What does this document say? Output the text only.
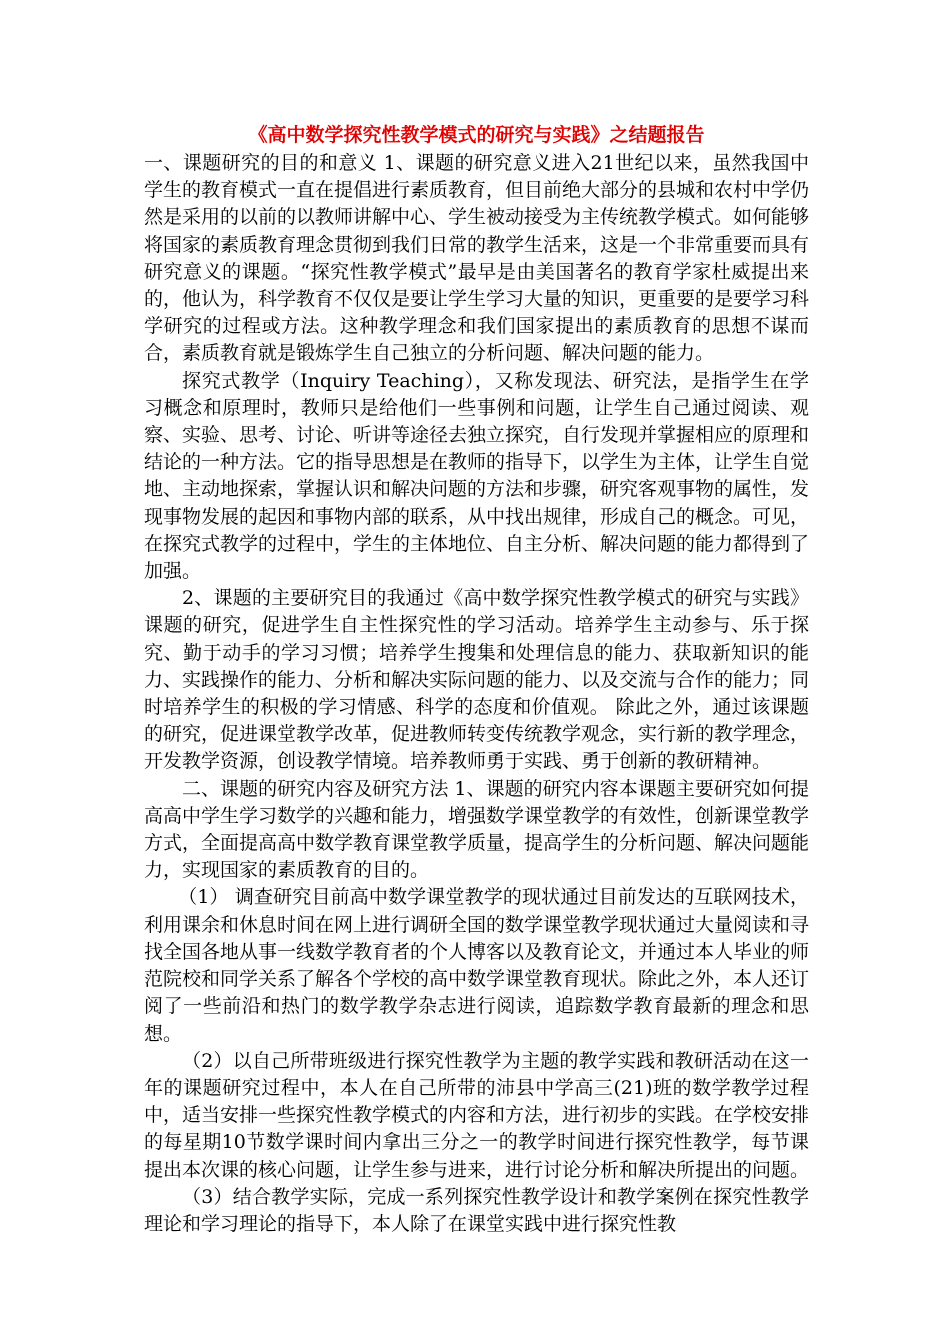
《高中数学探究性教学模式的研究与实践》之结题报告

一、课题研究的目的和意义 1、课题的研究意义进入21世纪以来，虽然我国中学生的教育模式一直在提倡进行素质教育，但目前绝大部分的县城和农村中学仍然是采用的以前的以教师讲解中心、学生被动接受为主传统教学模式。如何能够将国家的素质教育理念贯彻到我们日常的教学生活来，这是一个非常重要而具有研究意义的课题。“探究性教学模式”最早是由美国著名的教育学家杜威提出来的，他认为，科学教育不仅仅是要让学生学习大量的知识，更重要的是要学习科学研究的过程或方法。这种教学理念和我们国家提出的素质教育的思想不谋而合，素质教育就是锻炼学生自己独立的分析问题、解决问题的能力。

探究式教学（Inquiry Teaching），又称发现法、研究法，是指学生在学习概念和原理时，教师只是给他们一些事例和问题，让学生自己通过阅读、观察、实验、思考、讨论、听讲等途径去独立探究，自行发现并掌握相应的原理和结论的一种方法。它的指导思想是在教师的指导下，以学生为主体，让学生自觉地、主动地探索，掌握认识和解决问题的方法和步骤，研究客观事物的属性，发现事物发展的起因和事物内部的联系，从中找出规律，形成自己的概念。可见，在探究式教学的过程中，学生的主体地位、自主分析、解决问题的能力都得到了加强。

2、课题的主要研究目的我通过《高中数学探究性教学模式的研究与实践》课题的研究，促进学生自主性探究性的学习活动。培养学生主动参与、乐于探究、勤于动手的学习习惯；培养学生搜集和处理信息的能力、获取新知识的能力、实践操作的能力、分析和解决实际问题的能力、以及交流与合作的能力；同时培养学生的积极的学习情感、科学的态度和价值观。 除此之外，通过该课题的研究，促进课堂教学改革，促进教师转变传统教学观念，实行新的教学理念，开发教学资源，创设教学情境。培养教师勇于实践、勇于创新的教研精神。

二、课题的研究内容及研究方法 1、课题的研究内容本课题主要研究如何提高高中学生学习数学的兴趣和能力，增强数学课堂教学的有效性，创新课堂教学方式，全面提高高中数学教育课堂教学质量，提高学生的分析问题、解决问题能力，实现国家的素质教育的目的。

（1） 调查研究目前高中数学课堂教学的现状通过目前发达的互联网技术，利用课余和休息时间在网上进行调研全国的数学课堂教学现状通过大量阅读和寻找全国各地从事一线数学教育者的个人博客以及教育论文，并通过本人毕业的师范院校和同学关系了解各个学校的高中数学课堂教育现状。除此之外，本人还订阅了一些前沿和热门的数学教学杂志进行阅读，追踪数学教育最新的理念和思想。

（2）以自己所带班级进行探究性教学为主题的教学实践和教研活动在这一年的课题研究过程中，本人在自己所带的沛县中学高三(21)班的数学教学过程中，适当安排一些探究性教学模式的内容和方法，进行初步的实践。在学校安排的每星期10节数学课时间内拿出三分之一的教学时间进行探究性教学，每节课提出本次课的核心问题，让学生参与进来，进行讨论分析和解决所提出的问题。

（3）结合教学实际，完成一系列探究性教学设计和教学案例在探究性教学理论和学习理论的指导下，本人除了在课堂实践中进行探究性教
